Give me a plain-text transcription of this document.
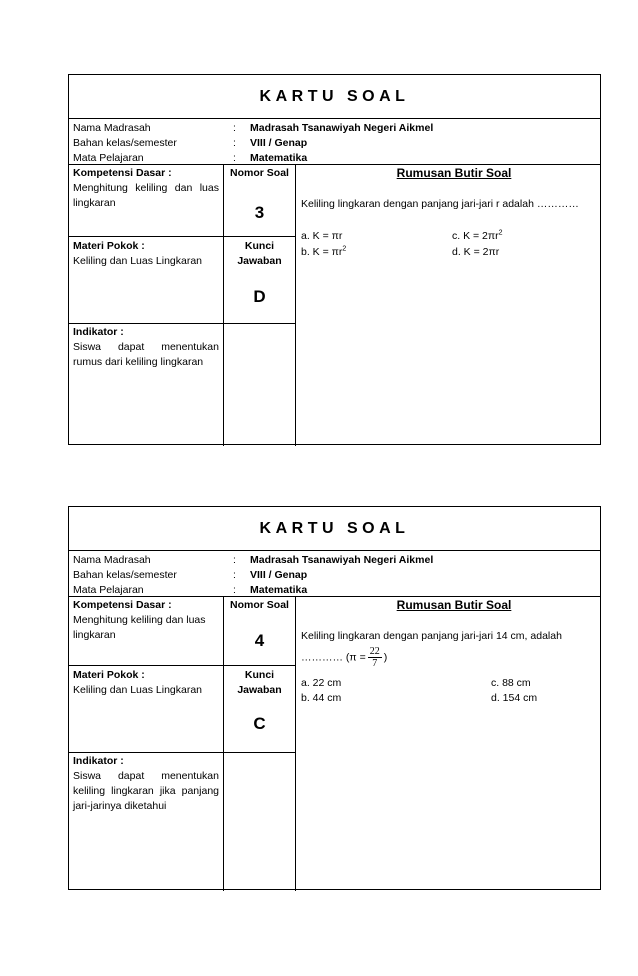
KARTU SOAL
Nama Madrasah
Bahan kelas/semester
Mata Pelajaran
:
:
:
Madrasah Tsanawiyah Negeri Aikmel
VIII / Genap
Matematika
Kompetensi Dasar :
Menghitung keliling dan luas lingkaran
Nomor Soal
3
Materi Pokok :
Keliling dan Luas Lingkaran
Kunci
Jawaban
D
Indikator :
Siswa dapat menentukan rumus dari keliling lingkaran
Rumusan Butir Soal
Keliling lingkaran dengan panjang jari-jari r adalah …………
a. K = πr
b. $K = \pi r^2$
c. $K = 2\pi r^2$
d. K = 2πr
KARTU SOAL
Nama Madrasah
Bahan kelas/semester
Mata Pelajaran
:
:
:
Madrasah Tsanawiyah Negeri Aikmel
VIII / Genap
Matematika
Kompetensi Dasar :
Menghitung keliling dan luas lingkaran
Nomor Soal
4
Materi Pokok :
Keliling dan Luas Lingkaran
Kunci
Jawaban
C
Indikator :
Siswa dapat menentukan keliling lingkaran jika panjang jari-jarinya diketahui
Rumusan Butir Soal
Keliling lingkaran dengan panjang jari-jari 14 cm, adalah
………… ($\pi = \frac{22}{7}$ )
a. 22 cm
b. 44 cm
c. 88 cm
d. 154 cm
